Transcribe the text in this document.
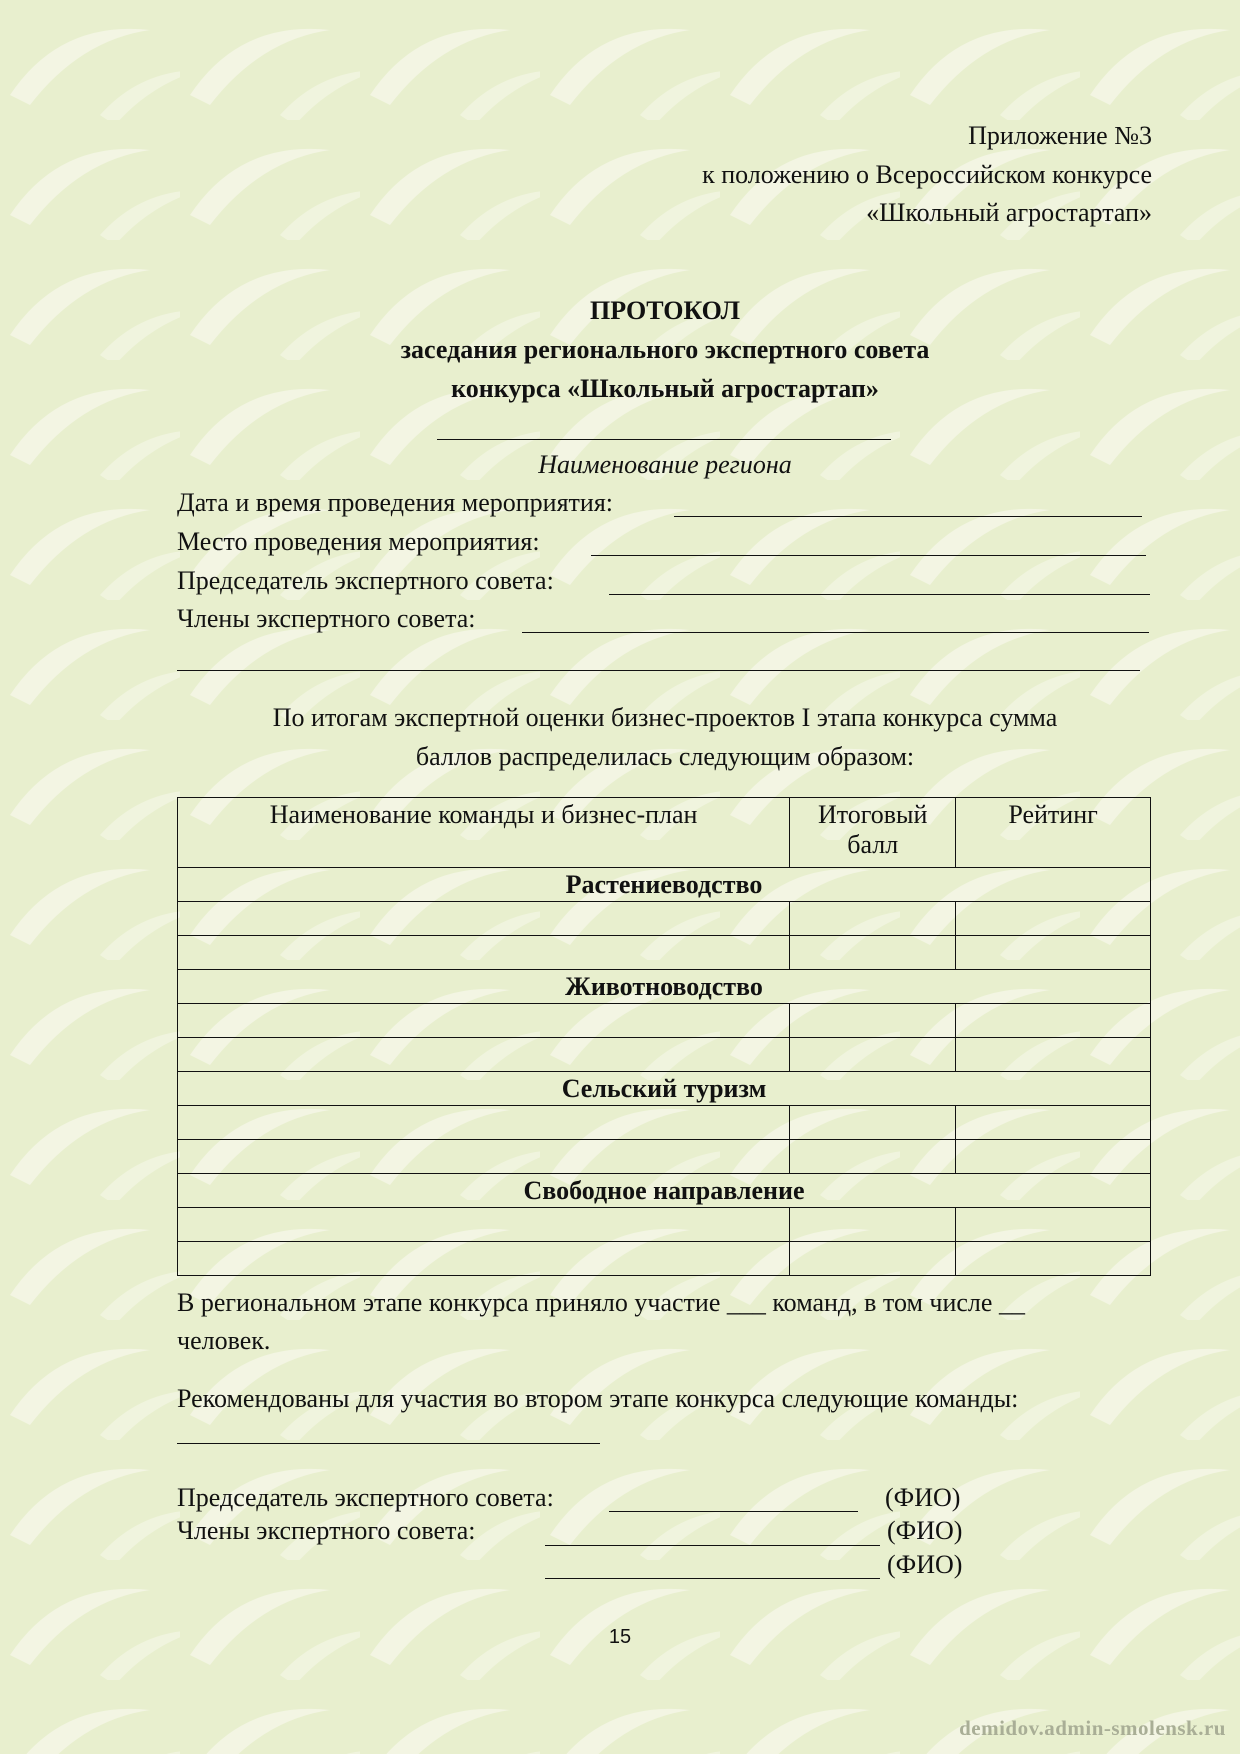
Приложение №3
к положению о Всероссийском конкурсе
«Школьный агростартап»
ПРОТОКОЛ
заседания регионального экспертного совета
конкурса «Школьный агростартап»
Наименование региона
Дата и время проведения мероприятия:
Место проведения мероприятия:
Председатель экспертного совета:
Члены экспертного совета:
По итогам экспертной оценки бизнес-проектов I этапа конкурса сумма
баллов распределилась следующим образом:
Наименование команды и бизнес-план	Итоговый балл	Рейтинг
Растениеводство		

Животноводство		

Сельский туризм		

Свободное направление		

В региональном этапе конкурса приняло участие ___ команд, в том числе __
человек.
Рекомендованы для участия во втором этапе конкурса следующие команды:
Председатель экспертного совета:	(ФИО)
Члены экспертного совета:	(ФИО)
(ФИО)
15
demidov.admin-smolensk.ru
